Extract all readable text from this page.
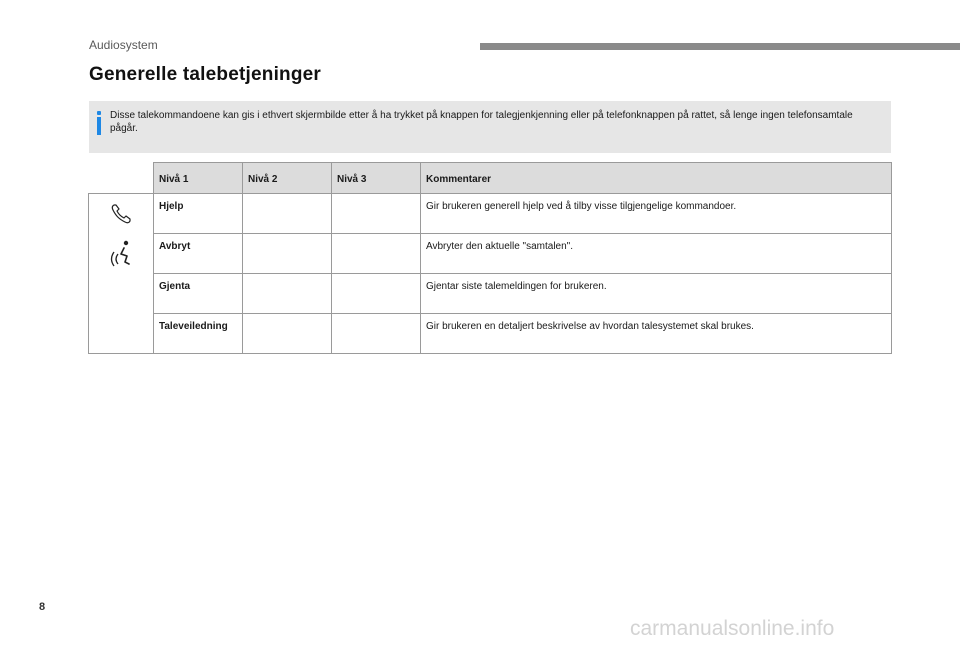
Audiosystem
Generelle talebetjeninger
Disse talekommandoene kan gis i ethvert skjermbilde etter å ha trykket på knappen for talegjenkjenning eller på telefonknappen på rattet, så lenge ingen telefonsamtale pågår.
	Nivå 1	Nivå 2	Nivå 3	Kommentarer

	Hjelp			Gir brukeren generell hjelp ved å tilby visse tilgjengelige kommandoer.
	Avbryt			Avbryter den aktuelle "samtalen".
	Gjenta			Gjentar siste talemeldingen for brukeren.
	Taleveiledning			Gir brukeren en detaljert beskrivelse av hvordan talesystemet skal brukes.
8
carmanualsonline.info
